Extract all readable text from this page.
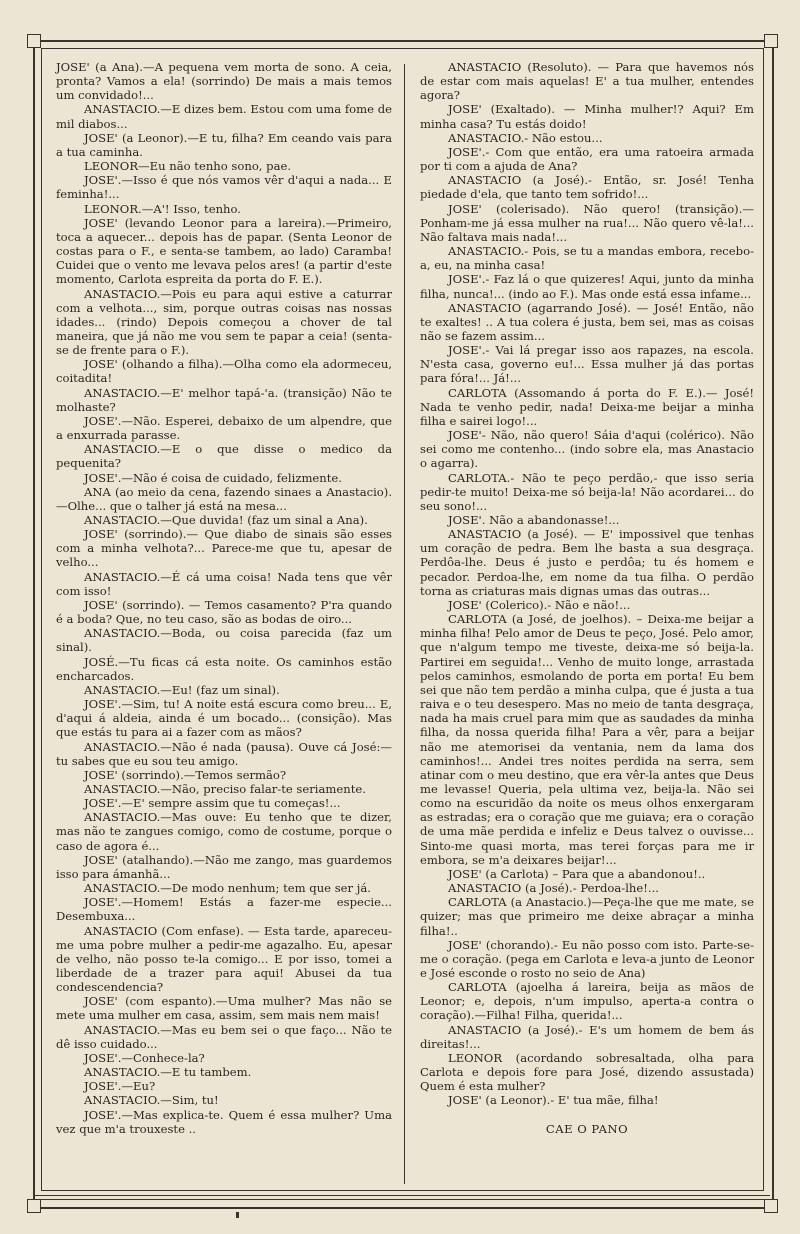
JOSE' (a Ana).—A pequena vem morta de sono. A ceia, pronta? Vamos a ela! (sorrindo) De mais a mais temos um convidado!...

ANASTACIO.—E dizes bem. Estou com uma fome de mil diabos...

JOSE' (a Leonor).—E tu, filha? Em ceando vais para a tua caminha.

LEONOR—Eu não tenho sono, pae.

JOSE'.—Isso é que nós vamos vêr d'aqui a nada... E feminha!...

LEONOR.—A'! Isso, tenho.

JOSE' (levando Leonor para a lareira).—Primeiro, toca a aquecer... depois has de papar. (Senta Leonor de costas para o F., e senta-se tambem, ao lado) Caramba! Cuidei que o vento me levava pelos ares! (a partir d'este momento, Carlota espreita da porta do F. E.).

ANASTACIO.—Pois eu para aqui estive a caturrar com a velhota..., sim, porque outras coisas nas nossas idades... (rindo) Depois começou a chover de tal maneira, que já não me vou sem te papar a ceia! (senta-se de frente para o F.).

JOSE' (olhando a filha).—Olha como ela adormeceu, coitadita!

ANASTACIO.—E' melhor tapá-'a. (transição) Não te molhaste?

JOSE'.—Não. Esperei, debaixo de um alpendre, que a enxurrada parasse.

ANASTACIO.—E o que disse o medico da pequenita?

JOSE'.—Não é coisa de cuidado, felizmente.

ANA (ao meio da cena, fazendo sinaes a Anastacio).—Olhe... que o talher já está na mesa...

ANASTACIO.—Que duvida! (faz um sinal a Ana).

JOSE' (sorrindo).— Que diabo de sinais são esses com a minha velhota?... Parece-me que tu, apesar de velho...

ANASTACIO.—É cá uma coisa! Nada tens que vêr com isso!

JOSE' (sorrindo). — Temos casamento? P'ra quando é a boda? Que, no teu caso, são as bodas de oiro...

ANASTACIO.—Boda, ou coisa parecida (faz um sinal).

JOSÉ.—Tu ficas cá esta noite. Os caminhos estão encharcados.

ANASTACIO.—Eu! (faz um sinal).

JOSE'.—Sim, tu! A noite está escura como breu... E, d'aqui á aldeia, ainda é um bocado... (consição). Mas que estás tu para ai a fazer com as mãos?

ANASTACIO.—Não é nada (pausa). Ouve cá José:—tu sabes que eu sou teu amigo.

JOSE' (sorrindo).—Temos sermão?

ANASTACIO.—Não, preciso falar-te seriamente.

JOSE'.—E' sempre assim que tu começas!...

ANASTACIO.—Mas ouve: Eu tenho que te dizer, mas não te zangues comigo, como de costume, porque o caso de agora é...

JOSE' (atalhando).—Não me zango, mas guardemos isso para ámanhã...

ANASTACIO.—De modo nenhum; tem que ser já.

JOSE'.—Homem! Estás a fazer-me especie... Desembuxa...

ANASTACIO (Com enfase). — Esta tarde, apareceu-me uma pobre mulher a pedir-me agazalho. Eu, apesar de velho, não posso te-la comigo... E por isso, tomei a liberdade de a trazer para aqui! Abusei da tua condescendencia?

JOSE' (com espanto).—Uma mulher? Mas não se mete uma mulher em casa, assim, sem mais nem mais!

ANASTACIO.—Mas eu bem sei o que faço... Não te dê isso cuidado...

JOSE'.—Conhece-la?

ANASTACIO.—E tu tambem.

JOSE'.—Eu?

ANASTACIO.—Sim, tu!

JOSE'.—Mas explica-te. Quem é essa mulher? Uma vez que m'a trouxeste ..

ANASTACIO (Resoluto). — Para que havemos nós de estar com mais aquelas! E' a tua mulher, entendes agora?

JOSE' (Exaltado). — Minha mulher!? Aqui? Em minha casa? Tu estás doido!

ANASTACIO.- Não estou...

JOSE'.- Com que então, era uma ratoeira armada por ti com a ajuda de Ana?

ANASTACIO (a José).- Então, sr. José! Tenha piedade d'ela, que tanto tem sofrido!...

JOSE' (colerisado). Não quero! (transição).— Ponham-me já essa mulher na rua!... Não quero vê-la!... Não faltava mais nada!...

ANASTACIO.- Pois, se tu a mandas embora, recebo-a, eu, na minha casa!

JOSE'.- Faz lá o que quizeres! Aqui, junto da minha filha, nunca!... (indo ao F.). Mas onde está essa infame...

ANASTACIO (agarrando José). — José! Então, não te exaltes! .. A tua colera é justa, bem sei, mas as coisas não se fazem assim...

JOSE'.- Vai lá pregar isso aos rapazes, na escola. N'esta casa, governo eu!... Essa mulher já das portas para fóra!... Já!...

CARLOTA (Assomando á porta do F. E.).— José! Nada te venho pedir, nada! Deixa-me beijar a minha filha e sairei logo!...

JOSE'- Não, não quero! Sáia d'aqui (colérico). Não sei como me contenho... (indo sobre ela, mas Anastacio o agarra).

CARLOTA.- Não te peço perdão,- que isso seria pedir-te muito! Deixa-me só beija-la! Não acordarei... do seu sono!...

JOSE'. Não a abandonasse!...

ANASTACIO (a José). — E' impossivel que tenhas um coração de pedra. Bem lhe basta a sua desgraça. Perdôa-lhe. Deus é justo e perdôa; tu és homem e pecador. Perdoa-lhe, em nome da tua filha. O perdão torna as criaturas mais dignas umas das outras...

JOSE' (Colerico).- Não e não!...

CARLOTA (a José, de joelhos). – Deixa-me beijar a minha filha! Pelo amor de Deus te peço, José. Pelo amor, que n'algum tempo me tiveste, deixa-me só beija-la. Partirei em seguida!... Venho de muito longe, arrastada pelos caminhos, esmolando de porta em porta! Eu bem sei que não tem perdão a minha culpa, que é justa a tua raiva e o teu desespero. Mas no meio de tanta desgraça, nada ha mais cruel para mim que as saudades da minha filha, da nossa querida filha! Para a vêr, para a beijar não me atemorisei da ventania, nem da lama dos caminhos!... Andei tres noites perdida na serra, sem atinar com o meu destino, que era vêr-la antes que Deus me levasse! Queria, pela ultima vez, beija-la. Não sei como na escuridão da noite os meus olhos enxergaram as estradas; era o coração que me guiava; era o coração de uma mãe perdida e infeliz e Deus talvez o ouvisse... Sinto-me quasi morta, mas terei forças para me ir embora, se m'a deixares beijar!...

JOSE' (a Carlota) – Para que a abandonou!..

ANASTACIO (a José).- Perdoa-lhe!...

CARLOTA (a Anastacio.)—Peça-lhe que me mate, se quizer; mas que primeiro me deixe abraçar a minha filha!..

JOSE' (chorando).- Eu não posso com isto. Parte-se-me o coração. (pega em Carlota e leva-a junto de Leonor e José esconde o rosto no seio de Ana)

CARLOTA (ajoelha á lareira, beija as mãos de Leonor; e, depois, n'um impulso, aperta-a contra o coração).—Filha! Filha, querida!...

ANASTACIO (a José).- E's um homem de bem ás direitas!...

LEONOR (acordando sobresaltada, olha para Carlota e depois fore para José, dizendo assustada) Quem é esta mulher?

JOSE' (a Leonor).- E' tua mãe, filha!

CAE O PANO
